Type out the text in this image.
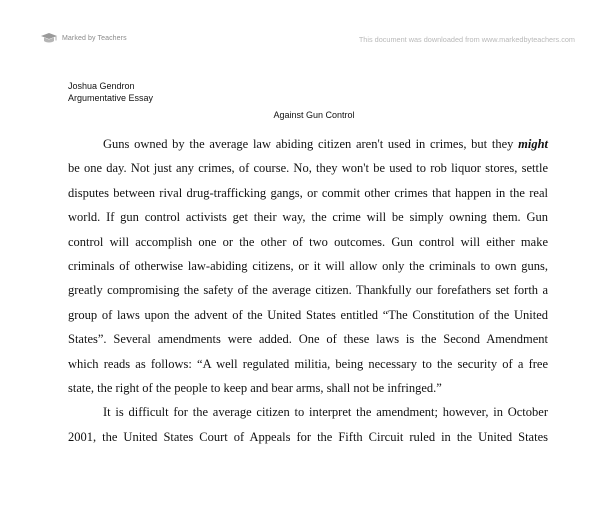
Marked by Teachers	This document was downloaded from www.markedbyteachers.com
Joshua Gendron
Argumentative Essay
Against Gun Control
Guns owned by the average law abiding citizen aren't used in crimes, but they might
be one day. Not just any crimes, of course. No, they won't be used to rob liquor stores, settle
disputes between rival drug-trafficking gangs, or commit other crimes that happen in the real
world. If gun control activists get their way, the crime will be simply owning them. Gun
control will accomplish one or the other of two outcomes. Gun control will either make
criminals of otherwise law-abiding citizens, or it will allow only the criminals to own guns,
greatly compromising the safety of the average citizen. Thankfully our forefathers set forth a
group of laws upon the advent of the United States entitled “The Constitution of the United
States”. Several amendments were added. One of these laws is the Second Amendment
which reads as follows: “A well regulated militia, being necessary to the security of a free
state, the right of the people to keep and bear arms, shall not be infringed.”
It is difficult for the average citizen to interpret the amendment; however, in October
2001, the United States Court of Appeals for the Fifth Circuit ruled in the United States
